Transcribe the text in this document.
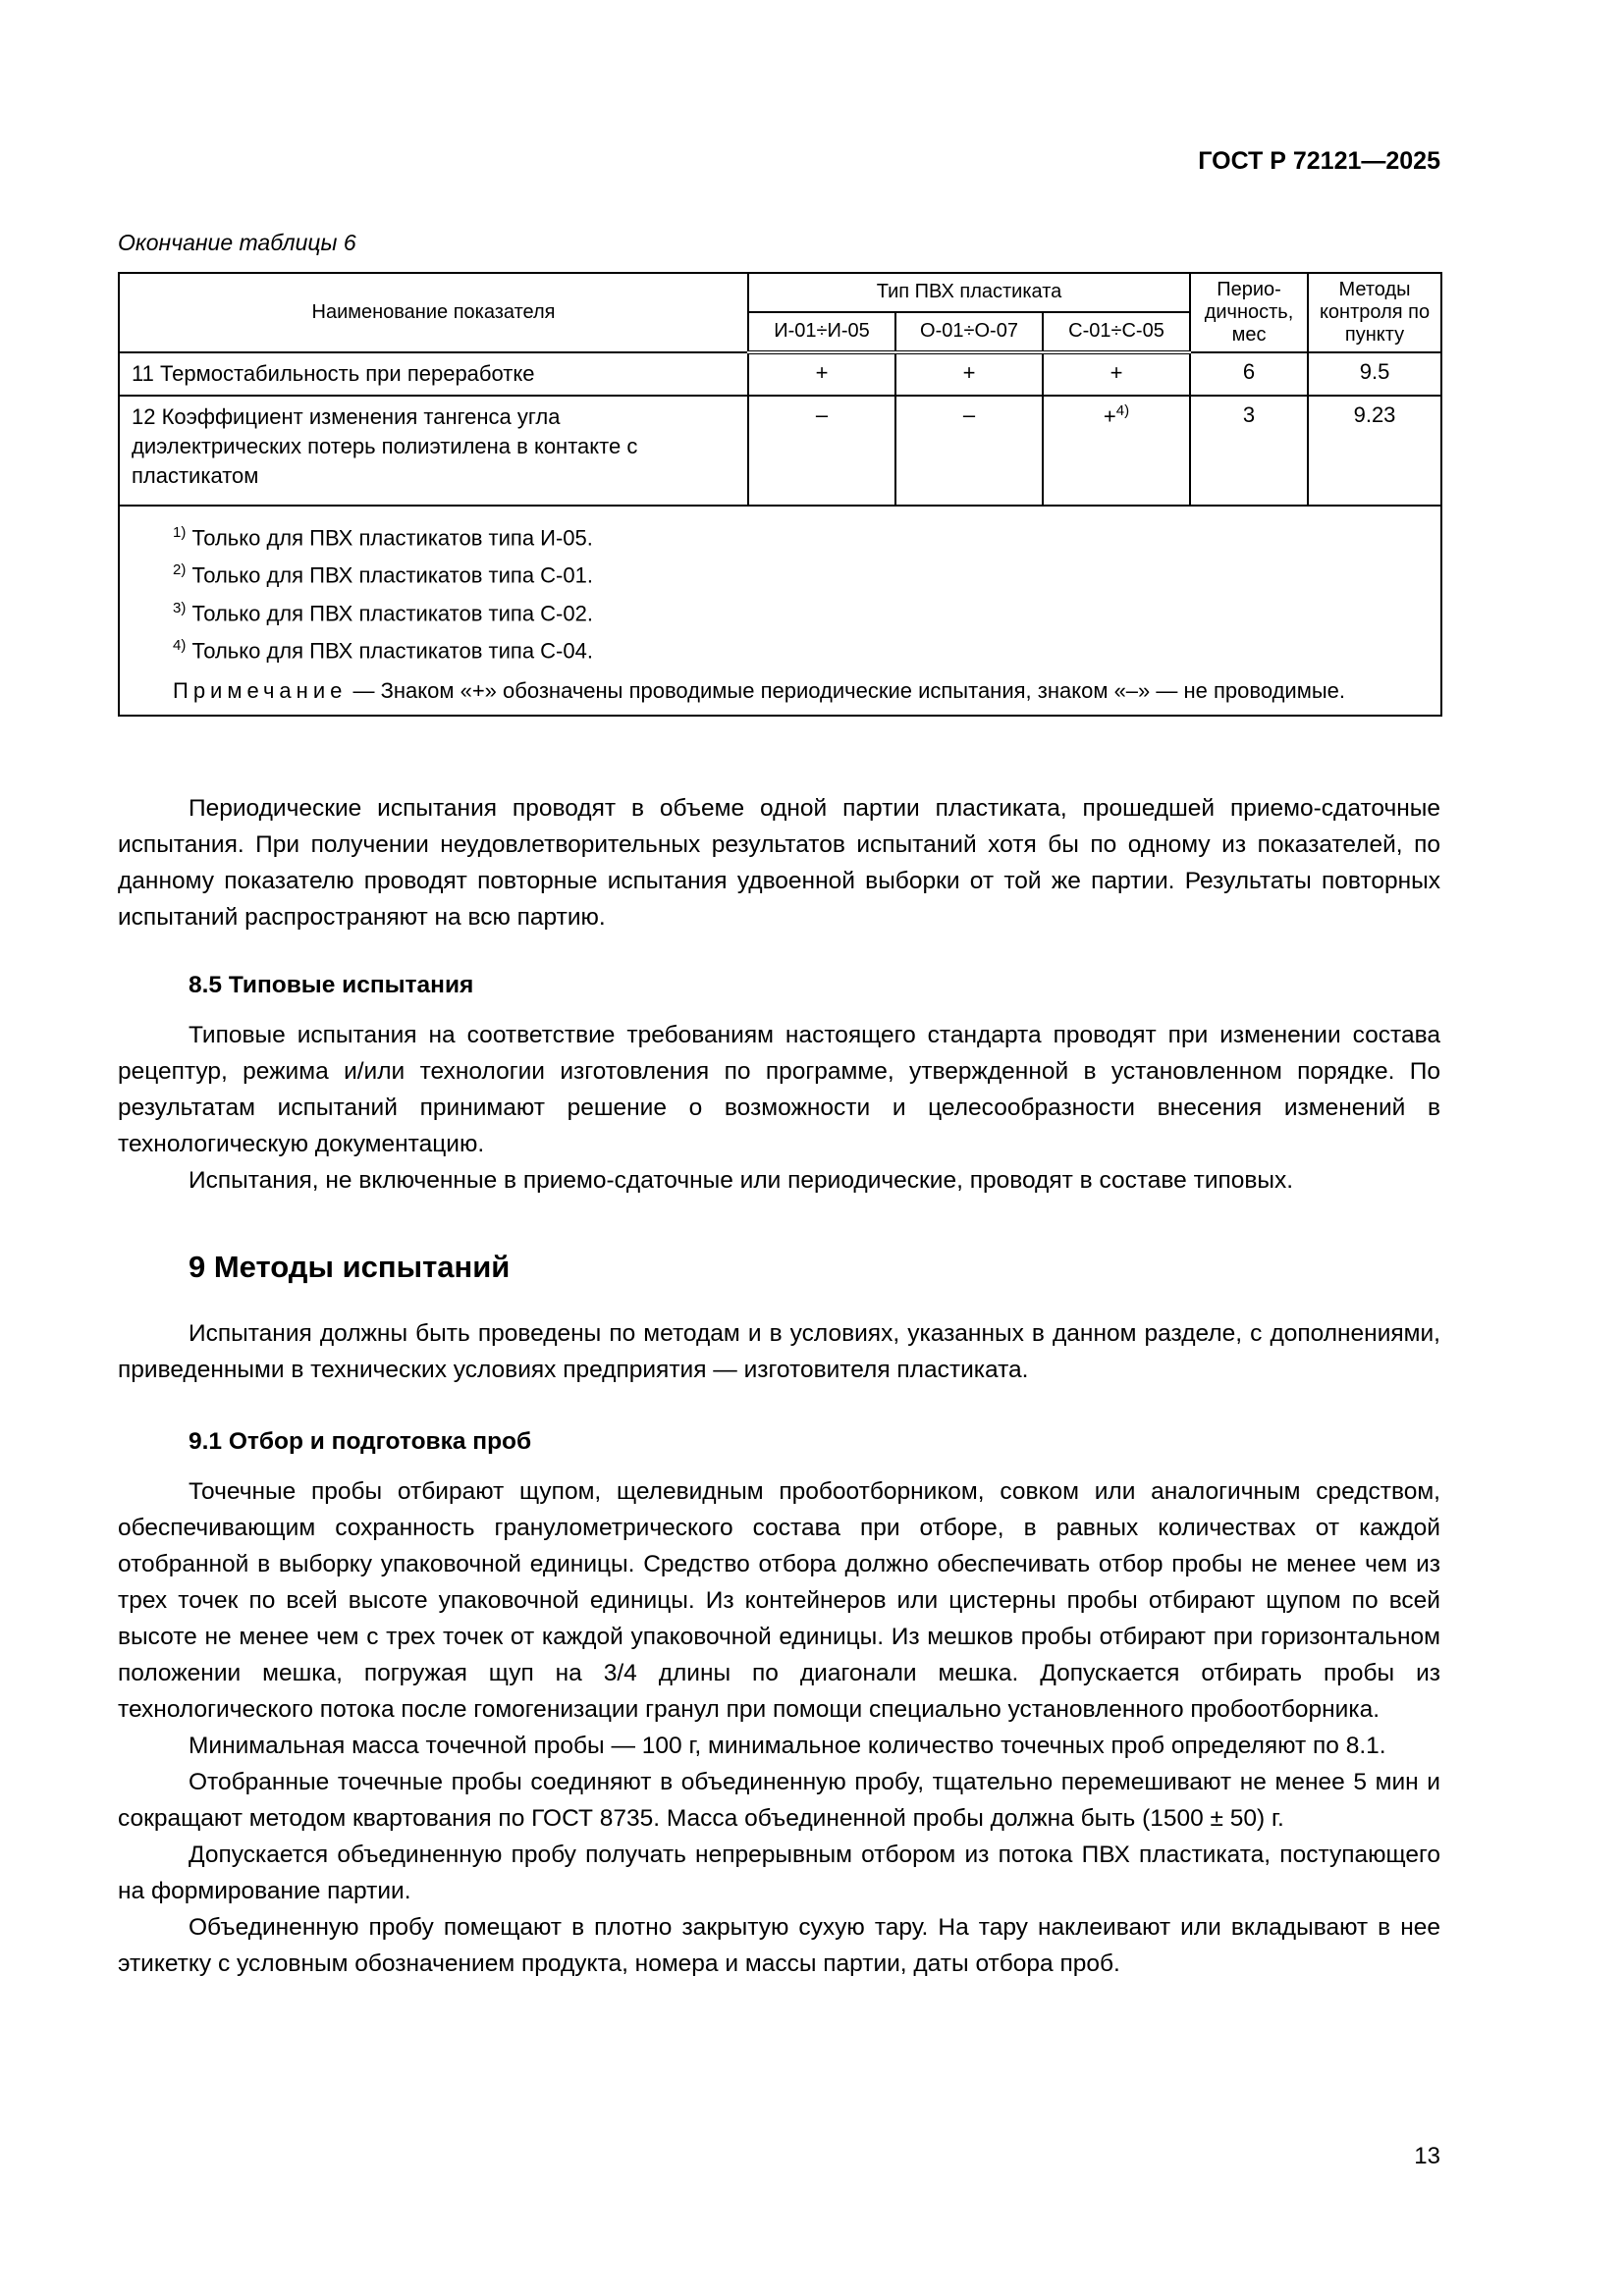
ГОСТ Р 72121—2025
Окончание таблицы 6
Наименование показателя	Тип ПВХ пластиката			Перио-дичность, мес	Методы контроля по пункту
	И-01÷И-05	О-01÷О-07	С-01÷С-05		
11 Термостабильность при переработке	+	+	+	6	9.5
12 Коэффициент изменения тангенса угла диэлектрических потерь полиэтилена в контакте с пластикатом	–	–	+$^{4)}$	3	9.23

$^{1)}$ Только для ПВХ пластикатов типа И-05.
$^{2)}$ Только для ПВХ пластикатов типа С-01.
$^{3)}$ Только для ПВХ пластикатов типа С-02.
$^{4)}$ Только для ПВХ пластикатов типа С-04.
Примечание — Знаком «+» обозначены проводимые периодические испытания, знаком «–» — не проводимые.					

Периодические испытания проводят в объеме одной партии пластиката, прошедшей приемо-сдаточные испытания. При получении неудовлетворительных результатов испытаний хотя бы по одному из показателей, по данному показателю проводят повторные испытания удвоенной выборки от той же партии. Результаты повторных испытаний распространяют на всю партию.

8.5 Типовые испытания

Типовые испытания на соответствие требованиям настоящего стандарта проводят при изменении состава рецептур, режима и/или технологии изготовления по программе, утвержденной в установленном порядке. По результатам испытаний принимают решение о возможности и целесообразности внесения изменений в технологическую документацию.

Испытания, не включенные в приемо-сдаточные или периодические, проводят в составе типовых.

9 Методы испытаний

Испытания должны быть проведены по методам и в условиях, указанных в данном разделе, с дополнениями, приведенными в технических условиях предприятия — изготовителя пластиката.

9.1 Отбор и подготовка проб

Точечные пробы отбирают щупом, щелевидным пробоотборником, совком или аналогичным средством, обеспечивающим сохранность гранулометрического состава при отборе, в равных количествах от каждой отобранной в выборку упаковочной единицы. Средство отбора должно обеспечивать отбор пробы не менее чем из трех точек по всей высоте упаковочной единицы. Из контейнеров или цистерны пробы отбирают щупом по всей высоте не менее чем с трех точек от каждой упаковочной единицы. Из мешков пробы отбирают при горизонтальном положении мешка, погружая щуп на 3/4 длины по диагонали мешка. Допускается отбирать пробы из технологического потока после гомогенизации гранул при помощи специально установленного пробоотборника.

Минимальная масса точечной пробы — 100 г, минимальное количество точечных проб определяют по 8.1.

Отобранные точечные пробы соединяют в объединенную пробу, тщательно перемешивают не менее 5 мин и сокращают методом квартования по ГОСТ 8735. Масса объединенной пробы должна быть (1500 ± 50) г.

Допускается объединенную пробу получать непрерывным отбором из потока ПВХ пластиката, поступающего на формирование партии.

Объединенную пробу помещают в плотно закрытую сухую тару. На тару наклеивают или вкладывают в нее этикетку с условным обозначением продукта, номера и массы партии, даты отбора проб.

13
